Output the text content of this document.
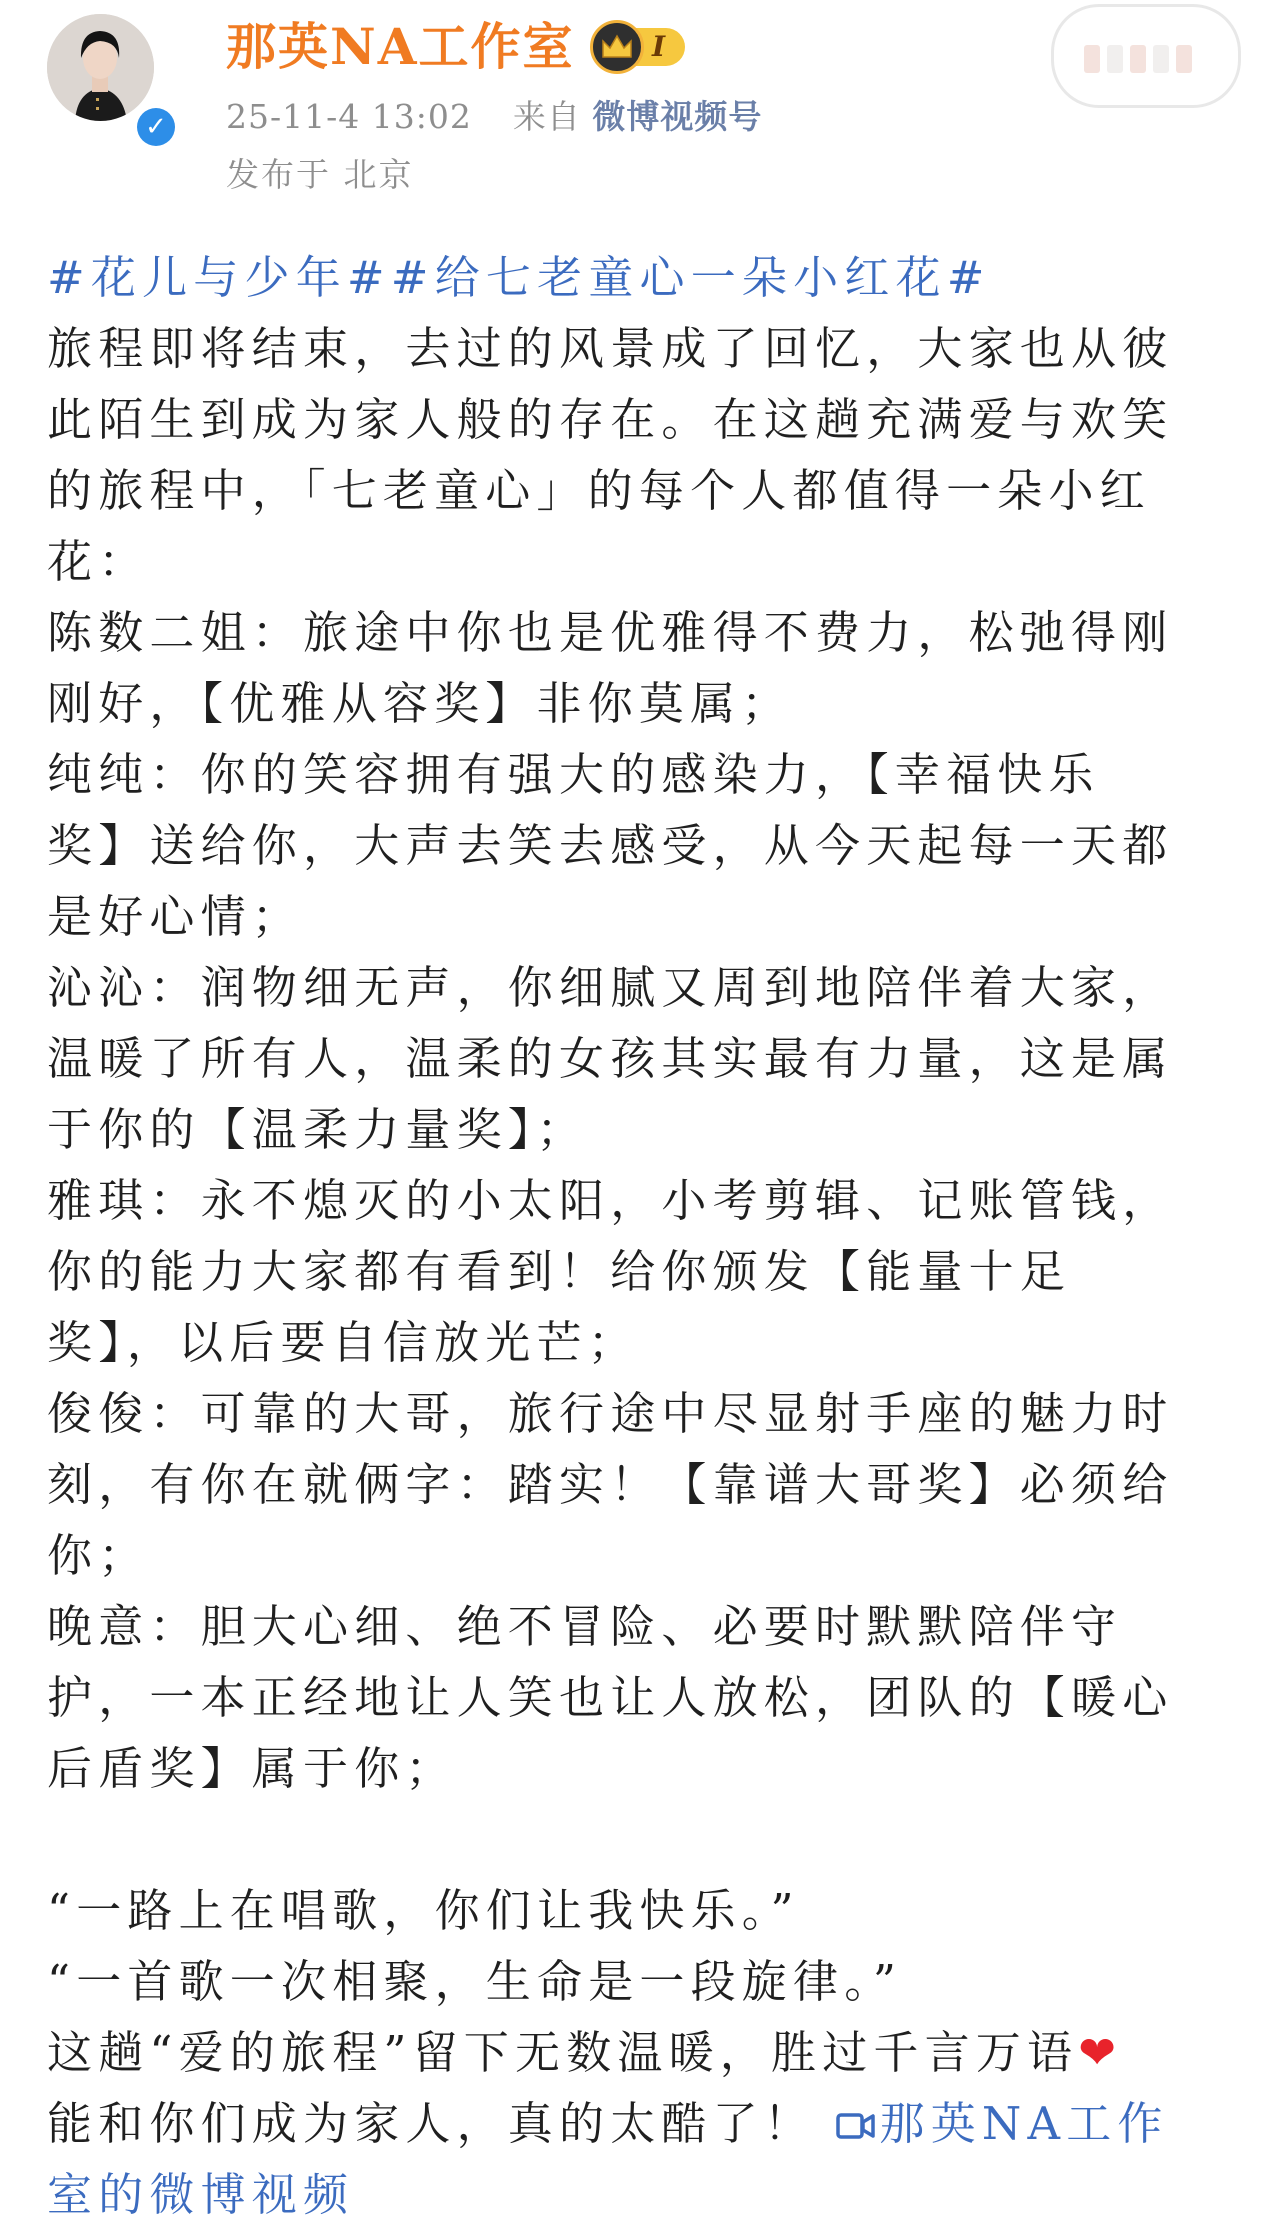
✓
那英NA工作室	I
25-11-4 13:02 来自 微博视频号
发布于 北京
#花儿与少年##给七老童心一朵小红花#
旅程即将结束，去过的风景成了回忆，大家也从彼
此陌生到成为家人般的存在。在这趟充满爱与欢笑
的旅程中，「七老童心」的每个人都值得一朵小红
花：
陈数二姐：旅途中你也是优雅得不费力，松弛得刚
刚好，【优雅从容奖】非你莫属；
纯纯：你的笑容拥有强大的感染力，【幸福快乐
奖】送给你，大声去笑去感受，从今天起每一天都
是好心情；
沁沁：润物细无声，你细腻又周到地陪伴着大家，
温暖了所有人，温柔的女孩其实最有力量，这是属
于你的【温柔力量奖】；
雅琪：永不熄灭的小太阳，小考剪辑、记账管钱，
你的能力大家都有看到！给你颁发【能量十足
奖】，以后要自信放光芒；
俊俊：可靠的大哥，旅行途中尽显射手座的魅力时
刻，有你在就俩字：踏实！【靠谱大哥奖】必须给
你；
晚意：胆大心细、绝不冒险、必要时默默陪伴守
护，一本正经地让人笑也让人放松，团队的【暖心
后盾奖】属于你；
“一路上在唱歌，你们让我快乐。”
“一首歌一次相聚，生命是一段旋律。”
这趟“爱的旅程”留下无数温暖，胜过千言万语❤
能和你们成为家人，真的太酷了！ 那英NA工作
室的微博视频
